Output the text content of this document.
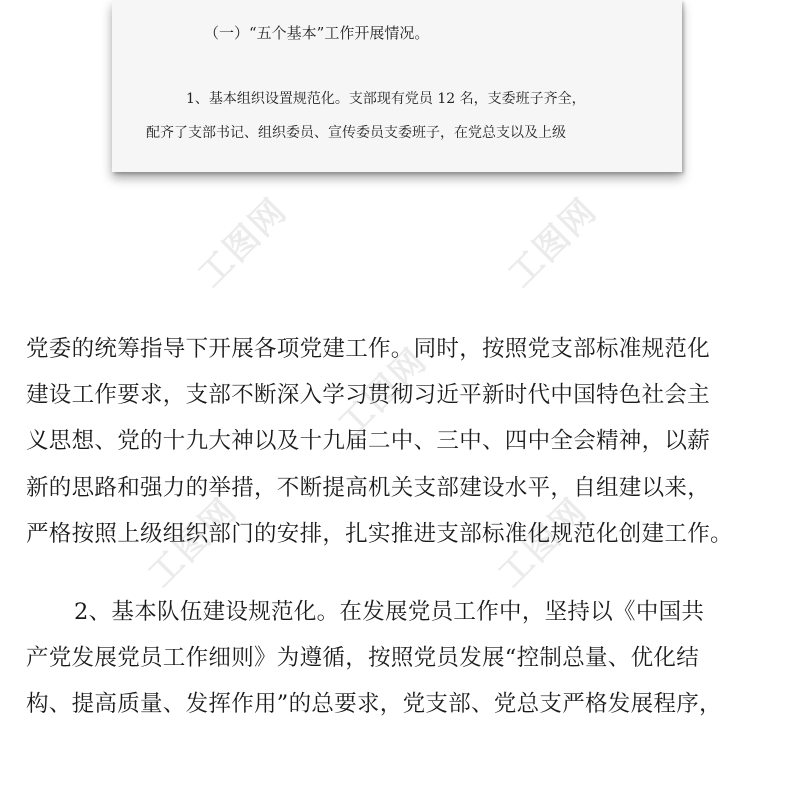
（一）“五个基本”工作开展情况。

1、基本组织设置规范化。支部现有党员 12 名，支委班子齐全，

配齐了支部书记、组织委员、宣传委员支委班子，在党总支以及上级

工图网	工图网
工图网
工图网	工图网

党委的统筹指导下开展各项党建工作。同时，按照党支部标准规范化

建设工作要求，支部不断深入学习贯彻习近平新时代中国特色社会主

义思想、党的十九大神以及十九届二中、三中、四中全会精神，以薪

新的思路和强力的举措，不断提高机关支部建设水平，自组建以来，

严格按照上级组织部门的安排，扎实推进支部标准化规范化创建工作。

2、基本队伍建设规范化。在发展党员工作中，坚持以《中国共

产党发展党员工作细则》为遵循，按照党员发展“控制总量、优化结

构、提高质量、发挥作用”的总要求，党支部、党总支严格发展程序，
